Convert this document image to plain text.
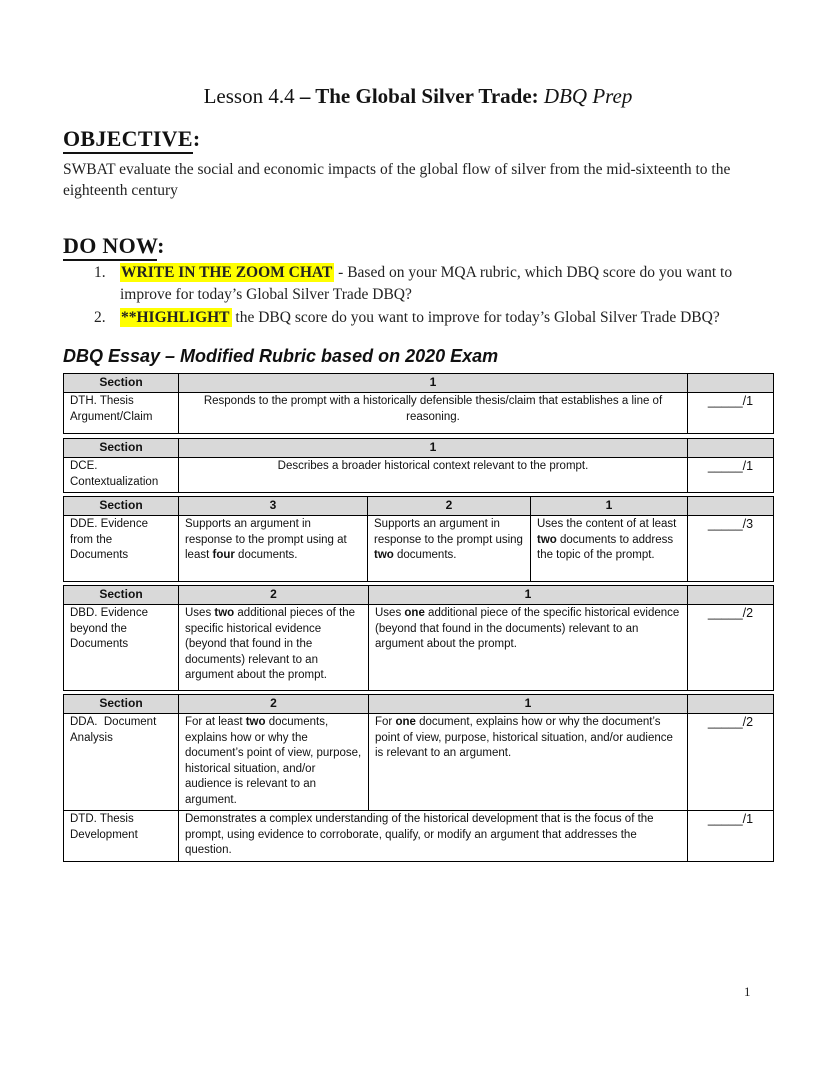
Lesson 4.4 – The Global Silver Trade: DBQ Prep
OBJECTIVE:

SWBAT evaluate the social and economic impacts of the global flow of silver from the mid-sixteenth to the eighteenth century

DO NOW:
1. WRITE IN THE ZOOM CHAT - Based on your MQA rubric, which DBQ score do you want to improve for today’s Global Silver Trade DBQ?
2. **HIGHLIGHT the DBQ score do you want to improve for today’s Global Silver Trade DBQ?
DBQ Essay – Modified Rubric based on 2020 Exam
Section	1	
DTH. Thesis Argument/Claim	Responds to the prompt with a historically defensible thesis/claim that establishes a line of reasoning.	_____/1
Section	1	
DCE. Contextualization	Describes a broader historical context relevant to the prompt.	_____/1
Section	3	2	1	
DDE. Evidence from the Documents	Supports an argument in response to the prompt using at least four documents.	Supports an argument in response to the prompt using two documents.	Uses the content of at least two documents to address the topic of the prompt.	_____/3
Section	2	1	
DBD. Evidence beyond the Documents	Uses two additional pieces of the specific historical evidence (beyond that found in the documents) relevant to an argument about the prompt.	Uses one additional piece of the specific historical evidence (beyond that found in the documents) relevant to an argument about the prompt.	_____/2
Section	2	1	
DDA.  Document Analysis	For at least two documents, explains how or why the document’s point of view, purpose, historical situation, and/or audience is relevant to an argument.	For one document, explains how or why the document’s point of view, purpose, historical situation, and/or audience is relevant to an argument.	_____/2
DTD. Thesis Development	Demonstrates a complex understanding of the historical development that is the focus of the prompt, using evidence to corroborate, qualify, or modify an argument that addresses the question.		_____/1
1
